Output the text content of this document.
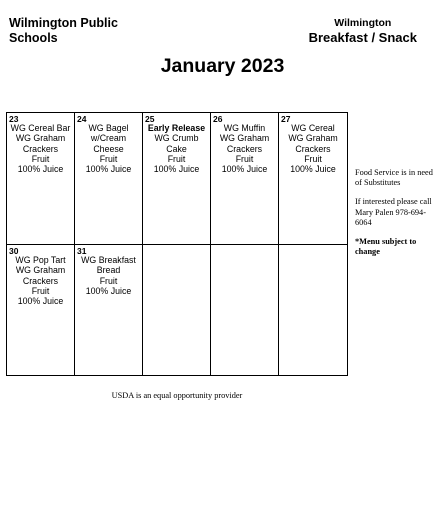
Wilmington Public
Schools
Wilmington
Breakfast / Snack
January 2023
23
WG Cereal Bar
WG Graham
Crackers
Fruit
100% Juice
24
WG Bagel
w/Cream
Cheese
Fruit
100% Juice
25
Early Release
WG Crumb
Cake
Fruit
100% Juice
26
WG Muffin
WG Graham
Crackers
Fruit
100% Juice
27
WG Cereal
WG Graham
Crackers
Fruit
100% Juice
30
WG Pop Tart
WG Graham
Crackers
Fruit
100% Juice
31
WG Breakfast
Bread
Fruit
100% Juice

Food Service is in need of Substitutes

If interested please call Mary Palen 978-694-6064

*Menu subject to change

USDA is an equal opportunity provider
